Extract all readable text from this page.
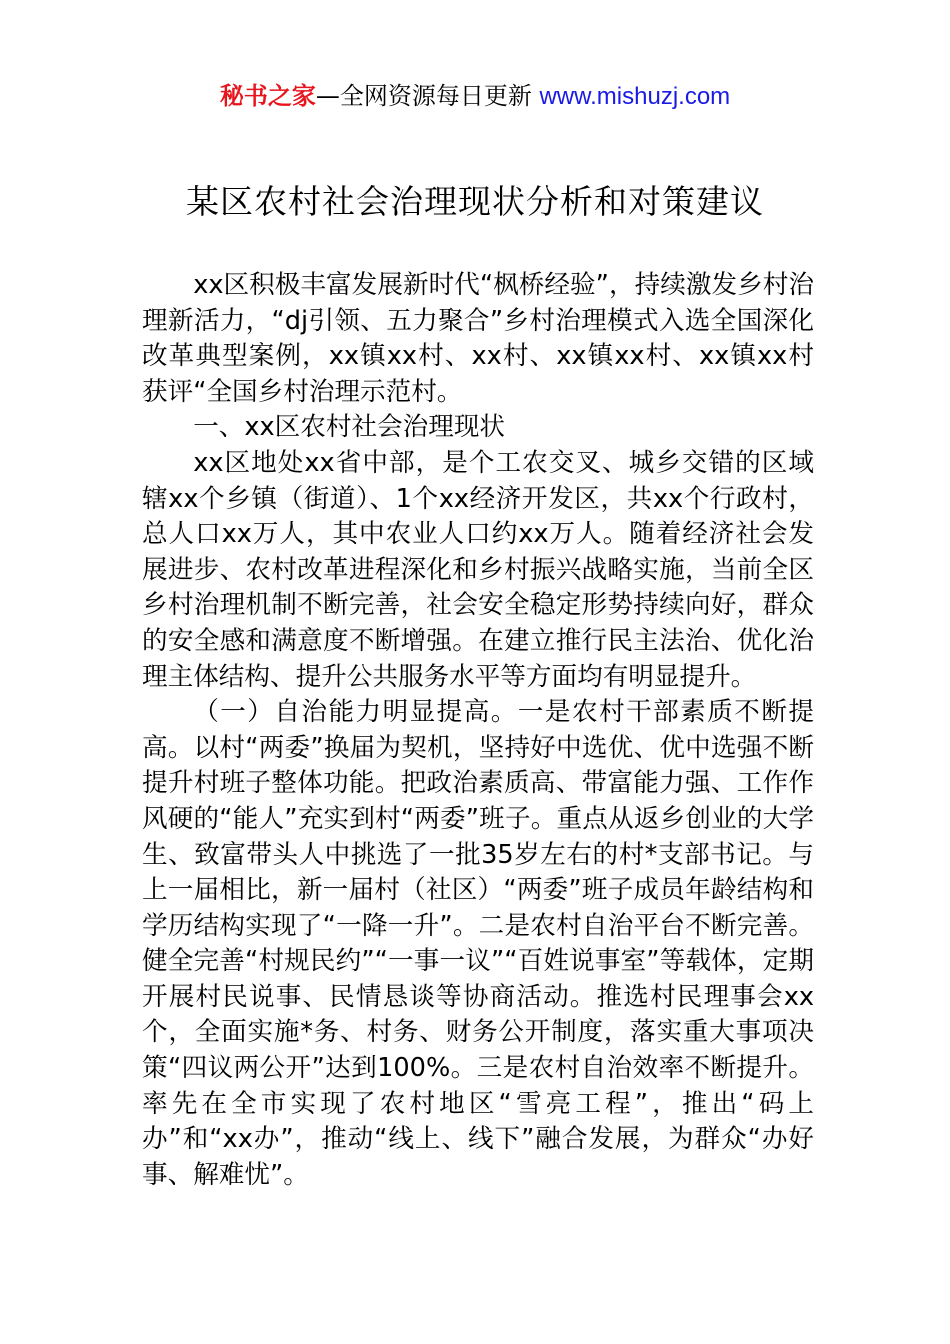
秘书之家—全网资源每日更新 www.mishuzj.com
某区农村社会治理现状分析和对策建议

xx区积极丰富发展新时代“枫桥经验”，持续激发乡村治理新活力，“dj引领、五力聚合”乡村治理模式入选全国深化改革典型案例，xx镇xx村、xx村、xx镇xx村、xx镇xx村获评“全国乡村治理示范村。

一、xx区农村社会治理现状

xx区地处xx省中部，是个工农交叉、城乡交错的区域辖xx个乡镇（街道）、1个xx经济开发区，共xx个行政村，总人口xx万人，其中农业人口约xx万人。随着经济社会发展进步、农村改革进程深化和乡村振兴战略实施，当前全区乡村治理机制不断完善，社会安全稳定形势持续向好，群众的安全感和满意度不断增强。在建立推行民主法治、优化治理主体结构、提升公共服务水平等方面均有明显提升。

（一）自治能力明显提高。一是农村干部素质不断提高。以村“两委”换届为契机，坚持好中选优、优中选强不断提升村班子整体功能。把政治素质高、带富能力强、工作作风硬的“能人”充实到村“两委”班子。重点从返乡创业的大学生、致富带头人中挑选了一批35岁左右的村*支部书记。与上一届相比，新一届村（社区）“两委”班子成员年龄结构和学历结构实现了“一降一升”。二是农村自治平台不断完善。健全完善“村规民约”“一事一议”“百姓说事室”等载体，定期开展村民说事、民情恳谈等协商活动。推选村民理事会xx个，全面实施*务、村务、财务公开制度，落实重大事项决策“四议两公开”达到100%。三是农村自治效率不断提升。率先在全市实现了农村地区“雪亮工程”，推出“码上办”和“xx办”，推动“线上、线下”融合发展，为群众“办好事、解难忧”。
